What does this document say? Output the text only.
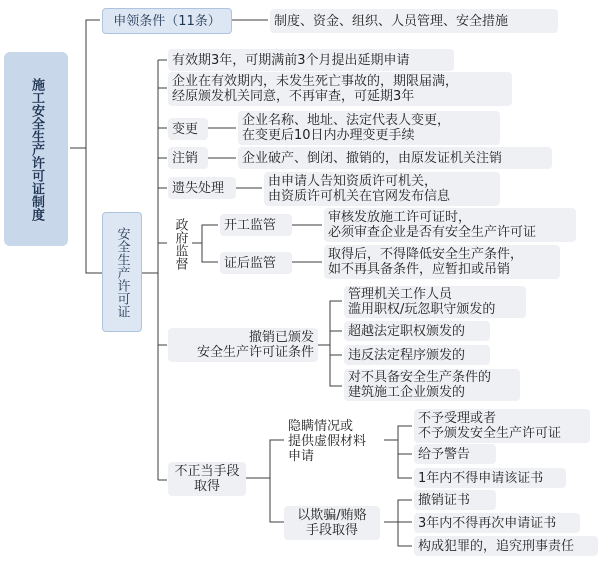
施工安全生产许可证制度
申领条件（11条）	制度、资金、组织、人员管理、安全措施
安全生产许可证
有效期3年，可期满前3个月提出延期申请
企业在有效期内，未发生死亡事故的，期限届满，
经原颁发机关同意，不再审查，可延期3年
变更
企业名称、地址、法定代表人变更，
在变更后10日内办理变更手续
注销	企业破产、倒闭、撤销的，由原发证机关注销
遗失处理	由申请人告知资质许可机关，
由资质许可机关在官网发布信息
政府监督	开工监管	审核发放施工许可证时，
必须审查企业是否有安全生产许可证
证后监管
取得后，不得降低安全生产条件，
如不再具备条件，应暂扣或吊销
撤销已颁发
安全生产许可证条件
管理机关工作人员
滥用职权/玩忽职守颁发的
超越法定职权颁发的
违反法定程序颁发的
对不具备安全生产条件的
建筑施工企业颁发的
不正当手段
取得
隐瞒情况或
提供虚假材料
申请
不予受理或者
不予颁发安全生产许可证
给予警告
1年内不得申请该证书
以欺骗/贿赂
手段取得
撤销证书
3年内不得再次申请证书
构成犯罪的，追究刑事责任
